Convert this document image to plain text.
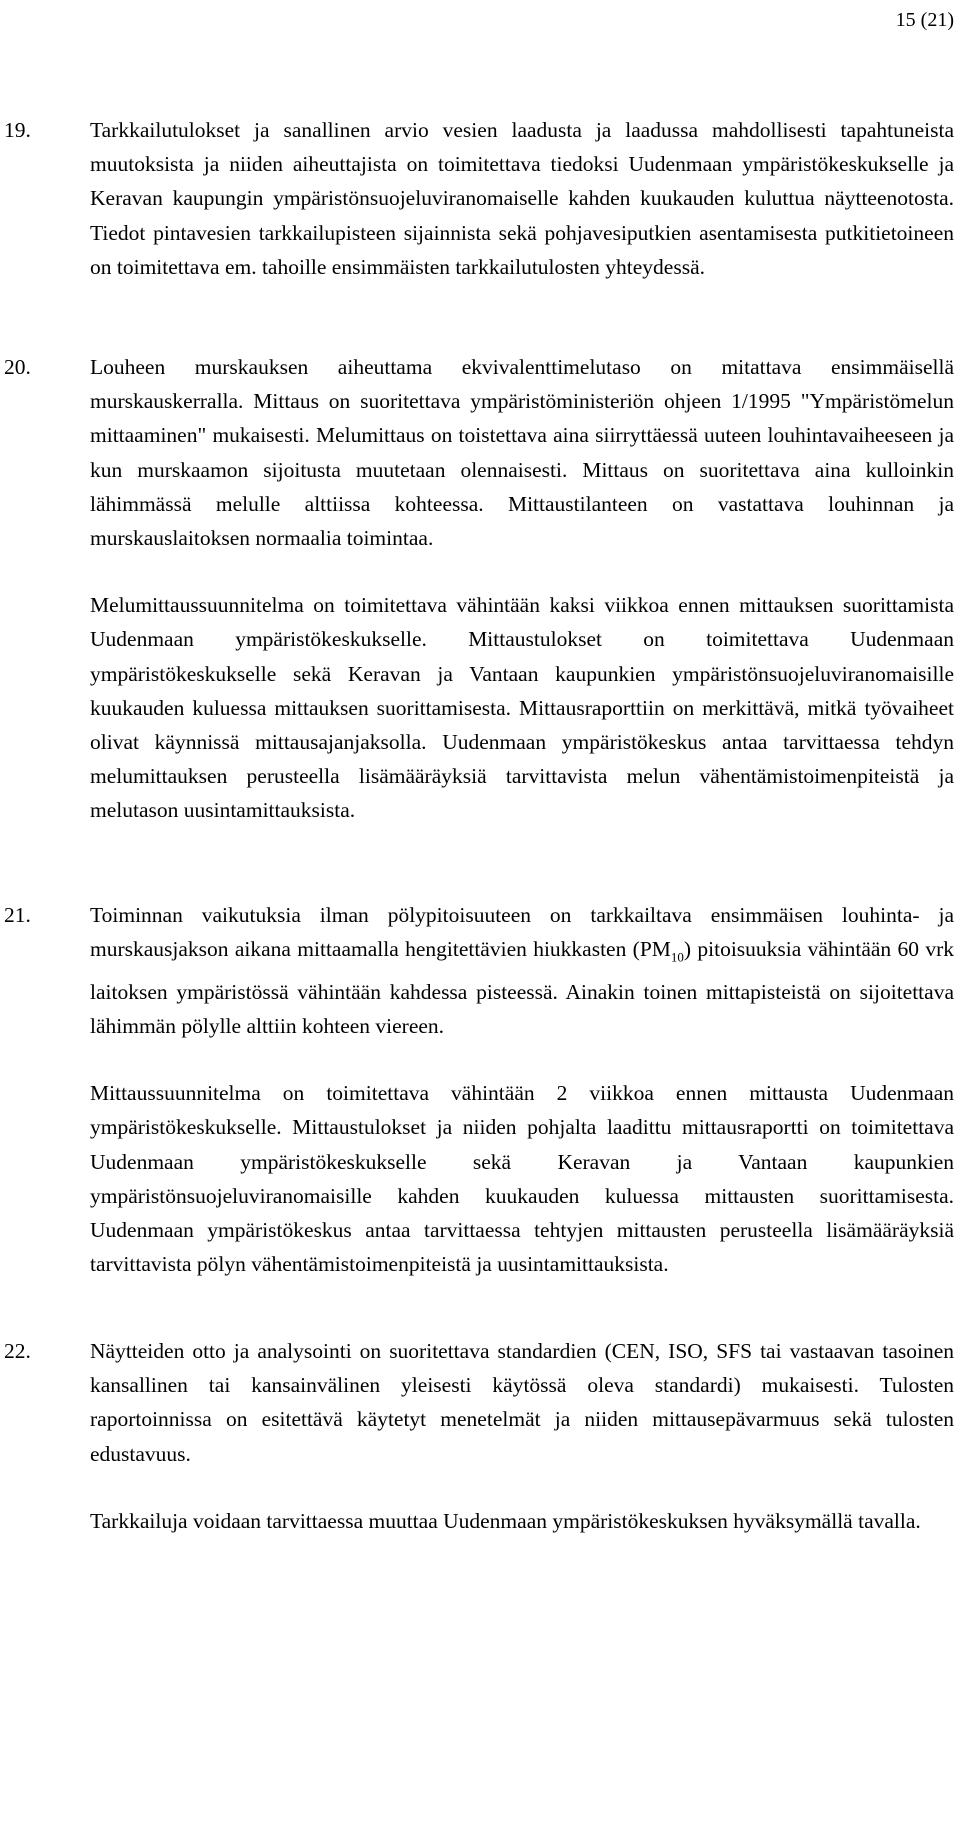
15 (21)
19.	Tarkkailutulokset ja sanallinen arvio vesien laadusta ja laadussa mahdollisesti tapahtuneista muutoksista ja niiden aiheuttajista on toimitettava tiedoksi Uudenmaan ympäristökeskukselle ja Keravan kaupungin ympäristönsuojeluviranomaiselle kahden kuukauden kuluttua näytteenotosta. Tiedot pintavesien tarkkailupisteen sijainnista sekä pohjavesiputkien asentamisesta putkitietoineen on toimitettava em. tahoille ensimmäisten tarkkailutulosten yhteydessä.

20.	Louheen murskauksen aiheuttama ekvivalenttimelutaso on mitattava ensimmäisellä murskauskerralla. Mittaus on suoritettava ympäristöministeriön ohjeen 1/1995 "Ympäristömelun mittaaminen" mukaisesti. Melumittaus on toistettava aina siirryttäessä uuteen louhintavaiheeseen ja kun murskaamon sijoitusta muutetaan olennaisesti. Mittaus on suoritettava aina kulloinkin lähimmässä melulle alttiissa kohteessa. Mittaustilanteen on vastattava louhinnan ja murskauslaitoksen normaalia toimintaa.

Melumittaussuunnitelma on toimitettava vähintään kaksi viikkoa ennen mittauksen suorittamista Uudenmaan ympäristökeskukselle. Mittaustulokset on toimitettava Uudenmaan ympäristökeskukselle sekä Keravan ja Vantaan kaupunkien ympäristönsuojeluviranomaisille kuukauden kuluessa mittauksen suorittamisesta. Mittausraporttiin on merkittävä, mitkä työvaiheet olivat käynnissä mittausajanjaksolla. Uudenmaan ympäristökeskus antaa tarvittaessa tehdyn melumittauksen perusteella lisämääräyksiä tarvittavista melun vähentämistoimenpiteistä ja melutason uusintamittauksista.

21.	Toiminnan vaikutuksia ilman pölypitoisuuteen on tarkkailtava ensimmäisen louhinta- ja murskausjakson aikana mittaamalla hengitettävien hiukkasten $(PM_{10})$ pitoisuuksia vähintään 60 vrk laitoksen ympäristössä vähintään kahdessa pisteessä. Ainakin toinen mittapisteistä on sijoitettava lähimmän pölylle alttiin kohteen viereen.

Mittaussuunnitelma on toimitettava vähintään 2 viikkoa ennen mittausta Uudenmaan ympäristökeskukselle. Mittaustulokset ja niiden pohjalta laadittu mittausraportti on toimitettava Uudenmaan ympäristökeskukselle sekä Keravan ja Vantaan kaupunkien ympäristönsuojeluviranomaisille kahden kuukauden kuluessa mittausten suorittamisesta. Uudenmaan ympäristökeskus antaa tarvittaessa tehtyjen mittausten perusteella lisämääräyksiä tarvittavista pölyn vähentämistoimenpiteistä ja uusintamittauksista.

22.	Näytteiden otto ja analysointi on suoritettava standardien (CEN, ISO, SFS tai vastaavan tasoinen kansallinen tai kansainvälinen yleisesti käytössä oleva standardi) mukaisesti. Tulosten raportoinnissa on esitettävä käytetyt menetelmät ja niiden mittausepävarmuus sekä tulosten edustavuus.

Tarkkailuja voidaan tarvittaessa muuttaa Uudenmaan ympäristökeskuksen hyväksymällä tavalla.
